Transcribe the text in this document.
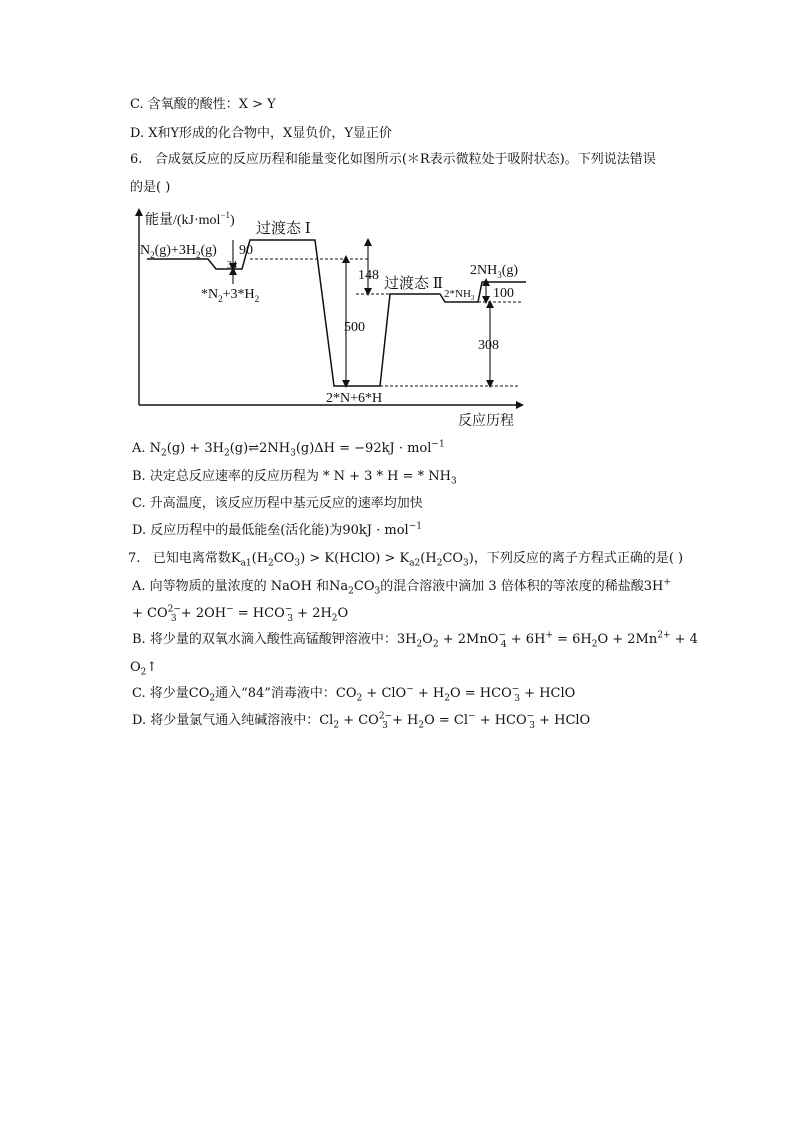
C. 含氧酸的酸性：X > Y
D. X和Y形成的化合物中，X显负价，Y显正价
6. 合成氨反应的反应历程和能量变化如图所示(＊R表示微粒处于吸附状态)。下列说法错误
的是( )
能量/(kJ·mol$^{-1}$)
反应历程
$N_2(g)+3H_2(g)$
$*N_2+3*H_2$
过渡态 Ⅰ
过渡态 Ⅱ
2*N+6*H
$2*NH_3$
$2NH_3(g)$
34
90
148
500
308
100
A. $N_2(g)$ + $3H_2(g)\rightleftharpoons 2NH_3(g)\Delta H = -92kJ \cdot mol^{-1}$
B. 决定总反应速率的反应历程为 * N + 3 * H = * $NH_3$
C. 升高温度，该反应历程中基元反应的速率均加快
D. 反应历程中的最低能垒(活化能)为90kJ · mol$^{-1}$
7. 已知电离常数$K_{a1}(H_2CO_3)$ > K(HClO) > $K_{a2}(H_2CO_3)$，下列反应的离子方程式正确的是( )
A. 向等物质的量浓度的 NaOH 和$Na_2CO_3$的混合溶液中滴加 3 倍体积的等浓度的稀盐酸3H+
+ $CO^{2-}_3 + 2OH^- = HCO^-_3 + 2H_2O$
B. 将少量的双氧水滴入酸性高锰酸钾溶液中：$3H_2O_2 + 2MnO^-_4 + 6H^+ = 6H_2O + 2Mn^{2+} + 4$
$O_2↑$
C. 将少量$CO_2$通入“84”消毒液中：$CO_2 + ClO^- + H_2O = HCO^-_3$ + HClO
D. 将少量氯气通入纯碱溶液中：$Cl_2 + CO^{2-}_3 + H_2O = Cl^- + HCO^-_3$ + HClO
